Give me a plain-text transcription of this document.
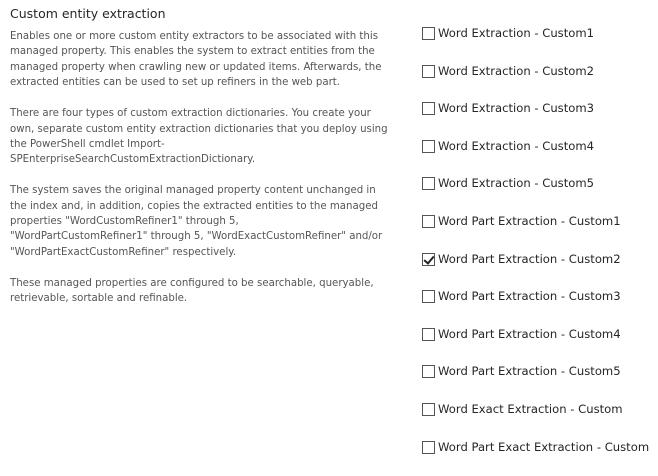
Custom entity extraction

Enables one or more custom entity extractors to be associated with this
managed property. This enables the system to extract entities from the
managed property when crawling new or updated items. Afterwards, the
extracted entities can be used to set up refiners in the web part.

There are four types of custom extraction dictionaries. You create your
own, separate custom entity extraction dictionaries that you deploy using
the PowerShell cmdlet Import-
SPEnterpriseSearchCustomExtractionDictionary.

The system saves the original managed property content unchanged in
the index and, in addition, copies the extracted entities to the managed
properties "WordCustomRefiner1" through 5,
"WordPartCustomRefiner1" through 5, "WordExactCustomRefiner" and/or
"WordPartExactCustomRefiner" respectively.

These managed properties are configured to be searchable, queryable,
retrievable, sortable and refinable.

Word Extraction - Custom1
Word Extraction - Custom2
Word Extraction - Custom3
Word Extraction - Custom4
Word Extraction - Custom5
Word Part Extraction - Custom1
Word Part Extraction - Custom2
Word Part Extraction - Custom3
Word Part Extraction - Custom4
Word Part Extraction - Custom5
Word Exact Extraction - Custom
Word Part Exact Extraction - Custom
